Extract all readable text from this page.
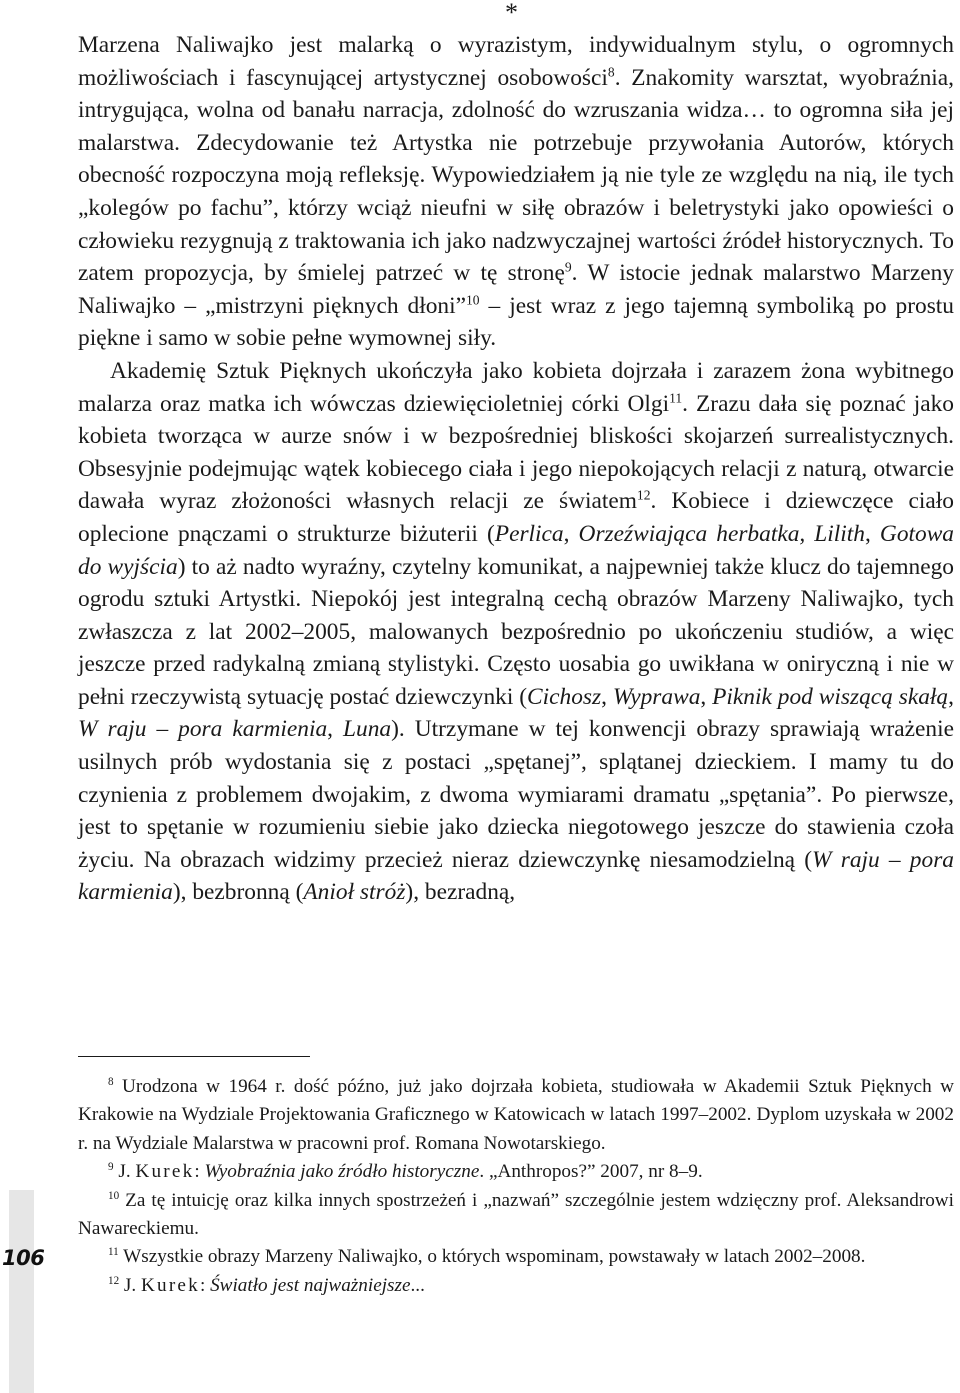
*

Marzena Naliwajko jest malarką o wyrazistym, indywidualnym stylu, o ogromnych możliwościach i fascynującej artystycznej osobowości$^8$. Znakomity warsztat, wyobraźnia, intrygująca, wolna od banału narracja, zdolność do wzruszania widza… to ogromna siła jej malarstwa. Zdecydowanie też Artystka nie potrzebuje przywołania Autorów, których obecność rozpoczyna moją refleksję. Wypowiedziałem ją nie tyle ze względu na nią, ile tych „kolegów po fachu”, którzy wciąż nieufni w siłę obrazów i beletrystyki jako opowieści o człowieku rezygnują z traktowania ich jako nadzwyczajnej wartości źródeł historycznych. To zatem propozycja, by śmielej patrzeć w tę stronę$^9$. W istocie jednak malarstwo Marzeny Naliwajko – „mistrzyni pięknych dłoni”$^{10}$ – jest wraz z jego tajemną symboliką po prostu piękne i samo w sobie pełne wymownej siły.

Akademię Sztuk Pięknych ukończyła jako kobieta dojrzała i zarazem żona wybitnego malarza oraz matka ich wówczas dziewięcioletniej córki Olgi$^{11}$. Zrazu dała się poznać jako kobieta tworząca w aurze snów i w bezpośredniej bliskości skojarzeń surrealistycznych. Obsesyjnie podejmując wątek kobiecego ciała i jego niepokojących relacji z naturą, otwarcie dawała wyraz złożoności własnych relacji ze światem$^{12}$. Kobiece i dziewczęce ciało oplecione pnączami o strukturze biżuterii (Perlica, Orzeźwiająca herbatka, Lilith, Gotowa do wyjścia) to aż nadto wyraźny, czytelny komunikat, a najpewniej także klucz do tajemnego ogrodu sztuki Artystki. Niepokój jest integralną cechą obrazów Marzeny Naliwajko, tych zwłaszcza z lat 2002–2005, malowanych bezpośrednio po ukończeniu studiów, a więc jeszcze przed radykalną zmianą stylistyki. Często uosabia go uwikłana w oniryczną i nie w pełni rzeczywistą sytuację postać dziewczynki (Cichosz, Wyprawa, Piknik pod wiszącą skałą, W raju – pora karmienia, Luna). Utrzymane w tej konwencji obrazy sprawiają wrażenie usilnych prób wydostania się z postaci „spętanej”, splątanej dzieckiem. I mamy tu do czynienia z problemem dwojakim, z dwoma wymiarami dramatu „spętania”. Po pierwsze, jest to spętanie w rozumieniu siebie jako dziecka niegotowego jeszcze do stawienia czoła życiu. Na obrazach widzimy przecież nieraz dziewczynkę niesamodzielną (W raju – pora karmienia), bezbronną (Anioł stróż), bezradną,

$^8$ Urodzona w 1964 r. dość późno, już jako dojrzała kobieta, studiowała w Akademii Sztuk Pięknych w Krakowie na Wydziale Projektowania Graficznego w Katowicach w latach 1997–2002. Dyplom uzyskała w 2002 r. na Wydziale Malarstwa w pracowni prof. Romana Nowotarskiego.

$^9$ J. Kurek: Wyobraźnia jako źródło historyczne. „Anthropos?” 2007, nr 8–9.

$^{10}$ Za tę intuicję oraz kilka innych spostrzeżeń i „nazwań” szczególnie jestem wdzięczny prof. Aleksandrowi Nawareckiemu.

$^{11}$ Wszystkie obrazy Marzeny Naliwajko, o których wspominam, powstawały w latach 2002–2008.

$^{12}$ J. Kurek: Światło jest najważniejsze...

106
